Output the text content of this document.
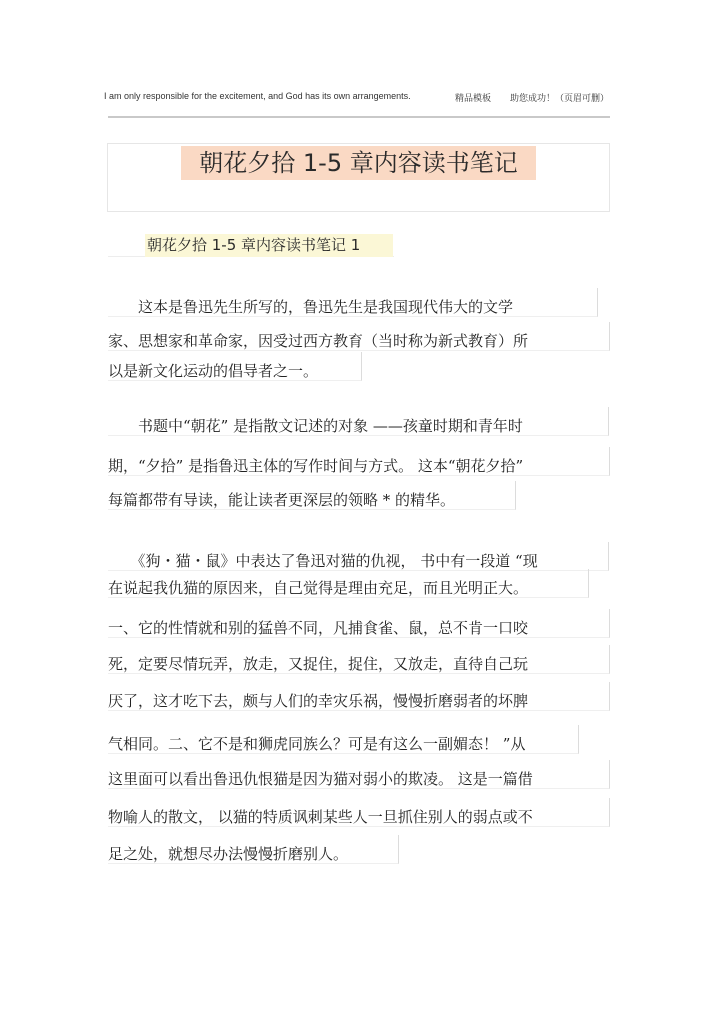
I am only responsible for the excitement, and God has its own arrangements.	精品模板 助您成功！（页眉可删）
朝花夕拾 1-5 章内容读书笔记
朝花夕拾 1-5 章内容读书笔记 1
　　这本是鲁迅先生所写的，鲁迅先生是我国现代伟大的文学
家、思想家和革命家，因受过西方教育（当时称为新式教育）所
以是新文化运动的倡导者之一。
　　书题中“朝花” 是指散文记述的对象 ——孩童时期和青年时
期，“夕拾” 是指鲁迅主体的写作时间与方式。 这本“朝花夕拾”
每篇都带有导读，能让读者更深层的领略 * 的精华。
　　《狗・猫・鼠》中表达了鲁迅对猫的仇视， 书中有一段道 “现
在说起我仇猫的原因来，自己觉得是理由充足，而且光明正大。
一、它的性情就和别的猛兽不同，凡捕食雀、鼠，总不肯一口咬
死，定要尽情玩弄，放走，又捉住，捉住，又放走，直待自己玩
厌了，这才吃下去，颇与人们的幸灾乐祸，慢慢折磨弱者的坏脾
气相同。二、它不是和狮虎同族么？可是有这么一副媚态！ ”从
这里面可以看出鲁迅仇恨猫是因为猫对弱小的欺凌。 这是一篇借
物喻人的散文， 以猫的特质讽刺某些人一旦抓住别人的弱点或不
足之处，就想尽办法慢慢折磨别人。
